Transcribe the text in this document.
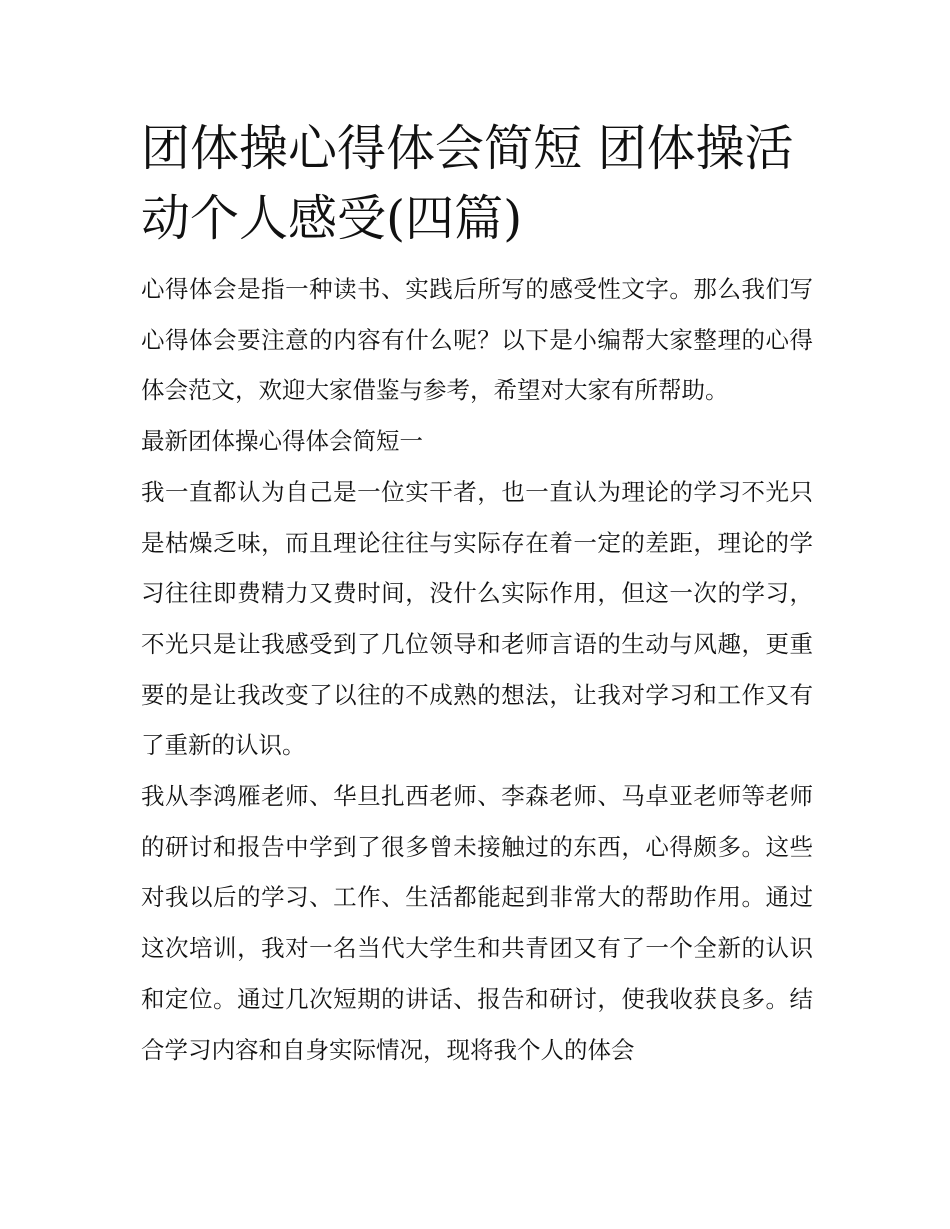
团体操心得体会简短 团体操活动个人感受(四篇)

心得体会是指一种读书、实践后所写的感受性文字。那么我们写心得体会要注意的内容有什么呢？以下是小编帮大家整理的心得体会范文，欢迎大家借鉴与参考，希望对大家有所帮助。

最新团体操心得体会简短一

我一直都认为自己是一位实干者，也一直认为理论的学习不光只是枯燥乏味，而且理论往往与实际存在着一定的差距，理论的学习往往即费精力又费时间，没什么实际作用，但这一次的学习，不光只是让我感受到了几位领导和老师言语的生动与风趣，更重要的是让我改变了以往的不成熟的想法，让我对学习和工作又有了重新的认识。

我从李鸿雁老师、华旦扎西老师、李森老师、马卓亚老师等老师的研讨和报告中学到了很多曾未接触过的东西，心得颇多。这些对我以后的学习、工作、生活都能起到非常大的帮助作用。通过这次培训，我对一名当代大学生和共青团又有了一个全新的认识和定位。通过几次短期的讲话、报告和研讨，使我收获良多。结合学习内容和自身实际情况，现将我个人的体会
